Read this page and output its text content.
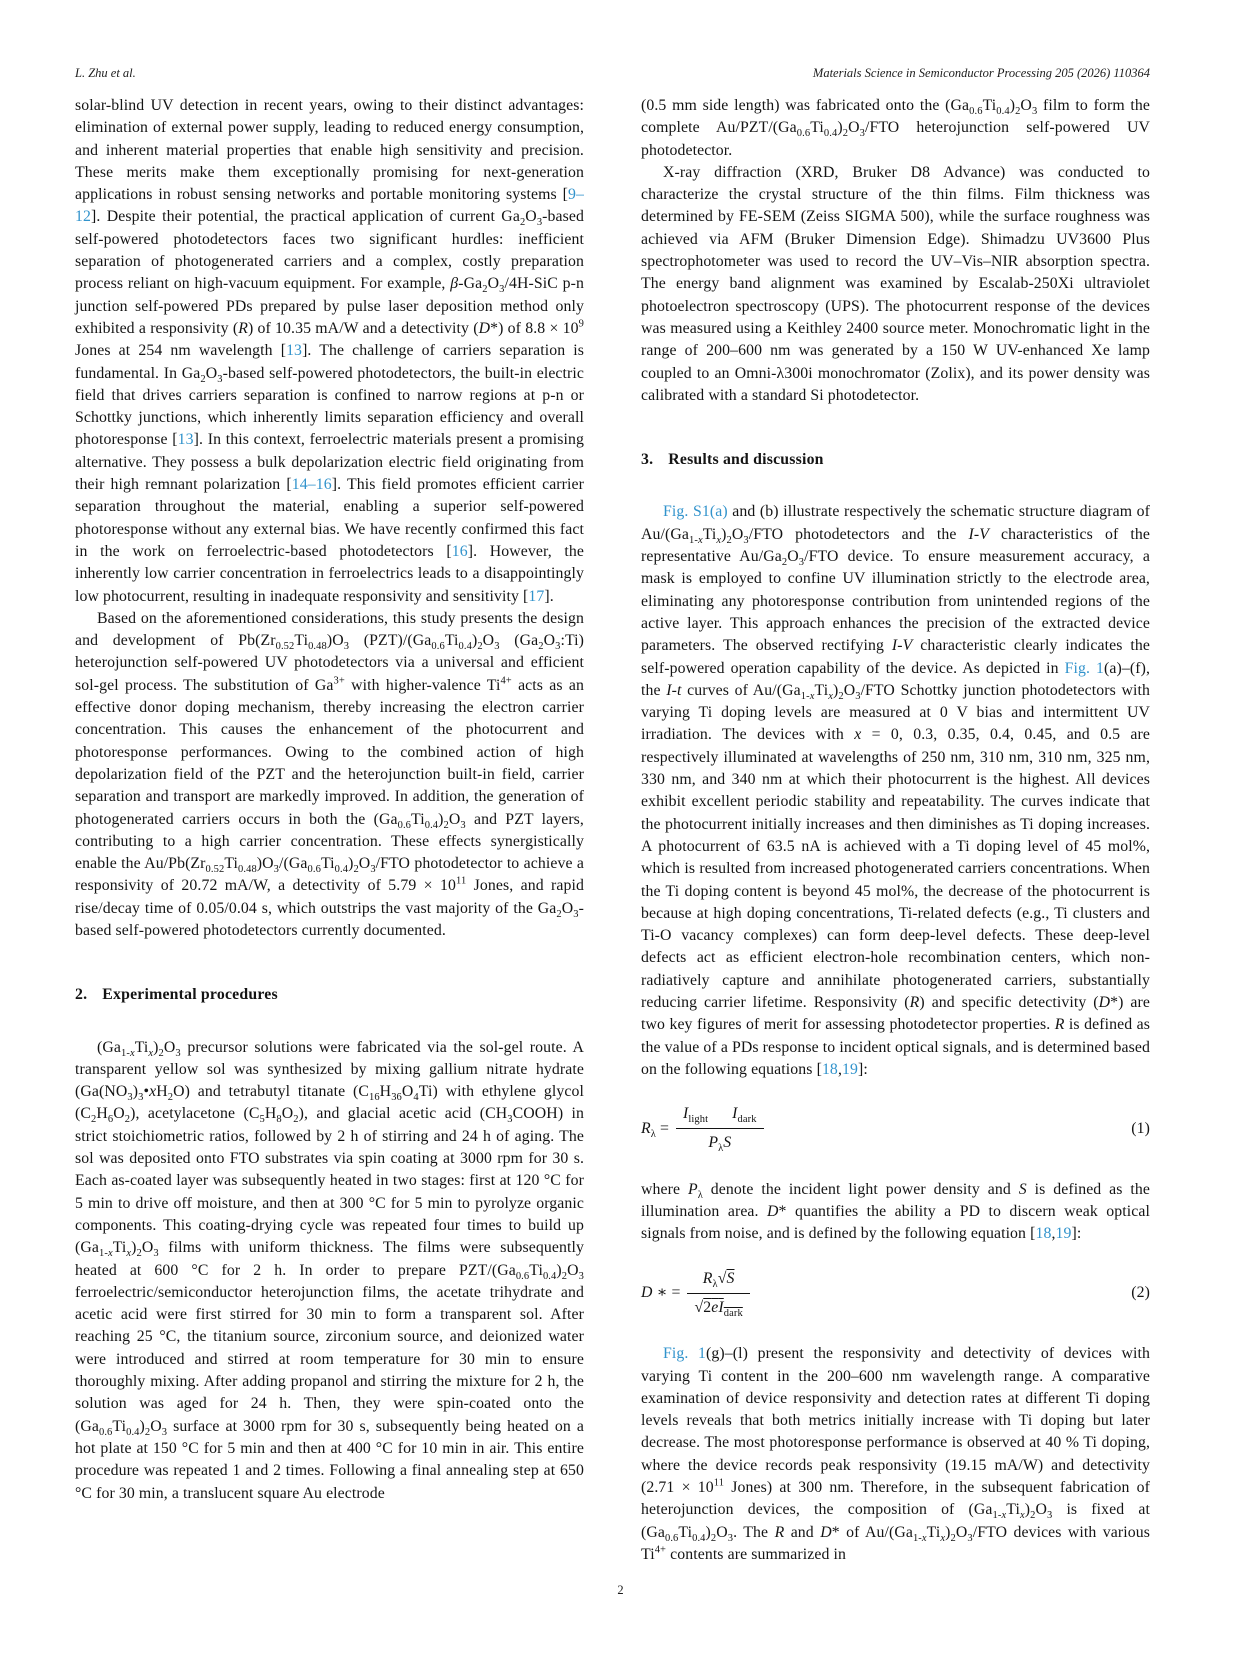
L. Zhu et al.	Materials Science in Semiconductor Processing 205 (2026) 110364

solar-blind UV detection in recent years, owing to their distinct advantages: elimination of external power supply, leading to reduced energy consumption, and inherent material properties that enable high sensitivity and precision. These merits make them exceptionally promising for next-generation applications in robust sensing networks and portable monitoring systems [9–12]. Despite their potential, the practical application of current $Ga_2O_3$-based self-powered photodetectors faces two significant hurdles: inefficient separation of photogenerated carriers and a complex, costly preparation process reliant on high-vacuum equipment. For example, $\beta-Ga_2O_3/4H$-SiC p-n junction self-powered PDs prepared by pulse laser deposition method only exhibited a responsivity (R) of 10.35 mA/W and a detectivity (D*) of $8.8 \times 10^9$ Jones at 254 nm wavelength [13]. The challenge of carriers separation is fundamental. In $Ga_2O_3$-based self-powered photodetectors, the built-in electric field that drives carriers separation is confined to narrow regions at p-n or Schottky junctions, which inherently limits separation efficiency and overall photoresponse [13]. In this context, ferroelectric materials present a promising alternative. They possess a bulk depolarization electric field originating from their high remnant polarization [14–16]. This field promotes efficient carrier separation throughout the material, enabling a superior self-powered photoresponse without any external bias. We have recently confirmed this fact in the work on ferroelectric-based photodetectors [16]. However, the inherently low carrier concentration in ferroelectrics leads to a disappointingly low photocurrent, resulting in inadequate responsivity and sensitivity [17].

Based on the aforementioned considerations, this study presents the design and development of $Pb(Zr_{0.52}Ti_{0.48})O_3$ $(PZT)/(Ga_{0.6}Ti_{0.4})_2O_3$ $(Ga_2O_3:Ti)$ heterojunction self-powered UV photodetectors via a universal and efficient sol-gel process. The substitution of $Ga^{3+}$ with higher-valence $Ti^{4+}$ acts as an effective donor doping mechanism, thereby increasing the electron carrier concentration. This causes the enhancement of the photocurrent and photoresponse performances. Owing to the combined action of high depolarization field of the PZT and the heterojunction built-in field, carrier separation and transport are markedly improved. In addition, the generation of photogenerated carriers occurs in both the $(Ga_{0.6}Ti_{0.4})_2O_3$ and PZT layers, contributing to a high carrier concentration. These effects synergistically enable the $Au/Pb(Zr_{0.52}Ti_{0.48})O_3/(Ga_{0.6}Ti_{0.4})_2O_3$/FTO photodetector to achieve a responsivity of 20.72 mA/W, a detectivity of $5.79 \times 10^{11}$ Jones, and rapid rise/decay time of 0.05/0.04 s, which outstrips the vast majority of the $Ga_2O_3$-based self-powered photodetectors currently documented.

2. Experimental procedures

$(Ga_{1-x}Ti_x)_2O_3$ precursor solutions were fabricated via the sol-gel route. A transparent yellow sol was synthesized by mixing gallium nitrate hydrate $(Ga(NO_3)_3•xH_2O)$ and tetrabutyl titanate $(C_{16}H_{36}O_4Ti)$ with ethylene glycol $(C_2H_6O_2)$, acetylacetone $(C_5H_8O_2)$, and glacial acetic acid $(CH_3COOH)$ in strict stoichiometric ratios, followed by 2 h of stirring and 24 h of aging. The sol was deposited onto FTO substrates via spin coating at 3000 rpm for 30 s. Each as-coated layer was subsequently heated in two stages: first at 120 °C for 5 min to drive off moisture, and then at 300 °C for 5 min to pyrolyze organic components. This coating-drying cycle was repeated four times to build up $(Ga_{1-x}Ti_x)_2O_3$ films with uniform thickness. The films were subsequently heated at 600 °C for 2 h. In order to prepare PZT/$(Ga_{0.6}Ti_{0.4})_2O_3$ ferroelectric/semiconductor heterojunction films, the acetate trihydrate and acetic acid were first stirred for 30 min to form a transparent sol. After reaching 25 °C, the titanium source, zirconium source, and deionized water were introduced and stirred at room temperature for 30 min to ensure thoroughly mixing. After adding propanol and stirring the mixture for 2 h, the solution was aged for 24 h. Then, they were spin-coated onto the $(Ga_{0.6}Ti_{0.4})_2O_3$ surface at 3000 rpm for 30 s, subsequently being heated on a hot plate at 150 °C for 5 min and then at 400 °C for 10 min in air. This entire procedure was repeated 1 and 2 times. Following a final annealing step at 650 °C for 30 min, a translucent square Au electrode

(0.5 mm side length) was fabricated onto the $(Ga_{0.6}Ti_{0.4})_2O_3$ film to form the complete $Au/PZT/(Ga_{0.6}Ti_{0.4})_2O_3$/FTO heterojunction self-powered UV photodetector.

X-ray diffraction (XRD, Bruker D8 Advance) was conducted to characterize the crystal structure of the thin films. Film thickness was determined by FE-SEM (Zeiss SIGMA 500), while the surface roughness was achieved via AFM (Bruker Dimension Edge). Shimadzu UV3600 Plus spectrophotometer was used to record the UV–Vis–NIR absorption spectra. The energy band alignment was examined by Escalab-250Xi ultraviolet photoelectron spectroscopy (UPS). The photocurrent response of the devices was measured using a Keithley 2400 source meter. Monochromatic light in the range of 200–600 nm was generated by a 150 W UV-enhanced Xe lamp coupled to an Omni-λ300i monochromator (Zolix), and its power density was calibrated with a standard Si photodetector.

3. Results and discussion

Fig. S1(a) and (b) illustrate respectively the schematic structure diagram of $Au/(Ga_{1-x}Ti_x)_2O_3$/FTO photodetectors and the I-V characteristics of the representative $Au/Ga_2O_3$/FTO device. To ensure measurement accuracy, a mask is employed to confine UV illumination strictly to the electrode area, eliminating any photoresponse contribution from unintended regions of the active layer. This approach enhances the precision of the extracted device parameters. The observed rectifying I-V characteristic clearly indicates the self-powered operation capability of the device. As depicted in Fig. 1(a)–(f), the I-t curves of $Au/(Ga_{1-x}Ti_x)_2O_3$/FTO Schottky junction photodetectors with varying Ti doping levels are measured at 0 V bias and intermittent UV irradiation. The devices with x = 0, 0.3, 0.35, 0.4, 0.45, and 0.5 are respectively illuminated at wavelengths of 250 nm, 310 nm, 310 nm, 325 nm, 330 nm, and 340 nm at which their photocurrent is the highest. All devices exhibit excellent periodic stability and repeatability. The curves indicate that the photocurrent initially increases and then diminishes as Ti doping increases. A photocurrent of 63.5 nA is achieved with a Ti doping level of 45 mol%, which is resulted from increased photogenerated carriers concentrations. When the Ti doping content is beyond 45 mol%, the decrease of the photocurrent is because at high doping concentrations, Ti-related defects (e.g., Ti clusters and Ti-O vacancy complexes) can form deep-level defects. These deep-level defects act as efficient electron-hole recombination centers, which non-radiatively capture and annihilate photogenerated carriers, substantially reducing carrier lifetime. Responsivity (R) and specific detectivity (D*) are two key figures of merit for assessing photodetector properties. R is defined as the value of a PDs response to incident optical signals, and is determined based on the following equations [18,19]:

$R_\lambda = \frac{I_{light} I_{dark}}{P_\lambda S}$	(1)

where $P_\lambda$ denote the incident light power density and S is defined as the illumination area. D* quantifies the ability a PD to discern weak optical signals from noise, and is defined by the following equation [18,19]:

D ∗ = $\frac{R_\lambda√S}{√2eI_{dark}}$	(2)

Fig. 1(g)–(l) present the responsivity and detectivity of devices with varying Ti content in the 200–600 nm wavelength range. A comparative examination of device responsivity and detection rates at different Ti doping levels reveals that both metrics initially increase with Ti doping but later decrease. The most photoresponse performance is observed at 40 % Ti doping, where the device records peak responsivity (19.15 mA/W) and detectivity ($2.71 \times 10^{11}$ Jones) at 300 nm. Therefore, in the subsequent fabrication of heterojunction devices, the composition of $(Ga_{1-x}Ti_x)_2O_3$ is fixed at $(Ga_{0.6}Ti_{0.4})_2O_3$. The R and D* of $Au/(Ga_{1-x}Ti_x)_2O_3$/FTO devices with various $Ti^{4+}$ contents are summarized in

2
